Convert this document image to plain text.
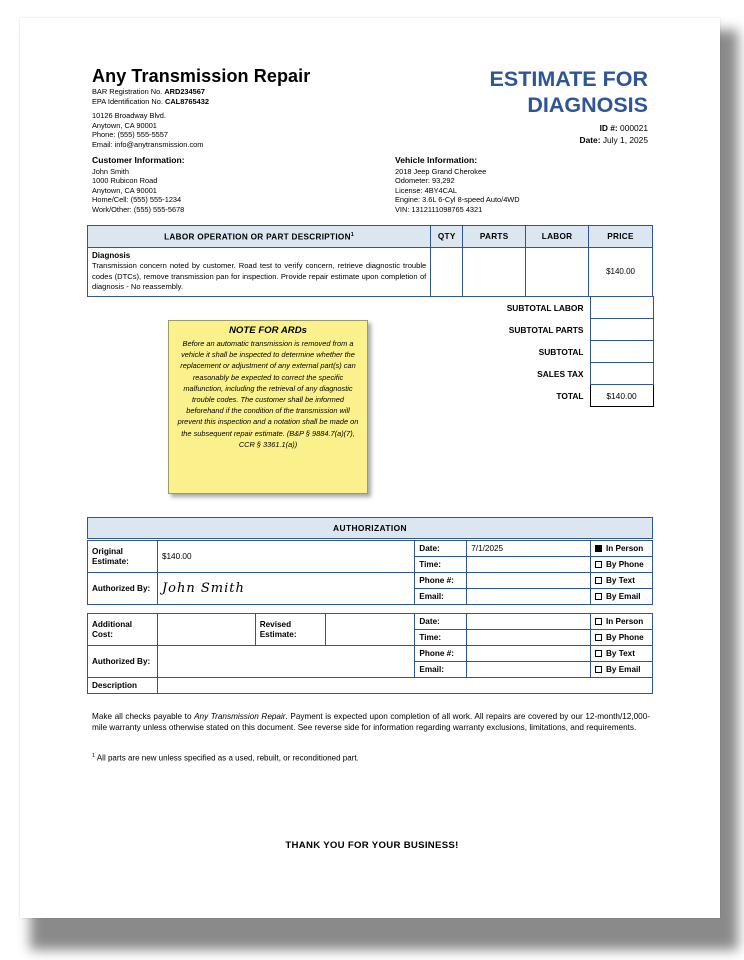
Any Transmission Repair
BAR Registration No. ARD234567
EPA Identification No. CAL8765432
10126 Broadway Blvd.
Anytown, CA 90001
Phone: (555) 555-5557
Email: info@anytransmission.com
ESTIMATE FOR
DIAGNOSIS
ID #: 000021
Date: July 1, 2025
Customer Information:
John Smith
1000 Rubicon Road
Anytown, CA 90001
Home/Cell: (555) 555-1234
Work/Other: (555) 555-5678
Vehicle Information:
2018 Jeep Grand Cherokee
Odometer: 93,292
License: 4BY4CAL
Engine: 3.6L 6-Cyl 8-speed Auto/4WD
VIN: 1312111098765 4321
LABOR OPERATION OR PART DESCRIPTION$^1$	QTY	PARTS	LABOR	PRICE
Diagnosis
Transmission concern noted by customer. Road test to verify concern, retrieve diagnostic trouble codes (DTCs), remove transmission pan for inspection. Provide repair estimate upon completion of diagnosis - No reassembly.				$140.00
SUBTOTAL LABOR	
SUBTOTAL PARTS	
SUBTOTAL	
SALES TAX	
TOTAL	$140.00
NOTE FOR ARDs
Before an automatic transmission is removed from a vehicle it shall be inspected to determine whether the replacement or adjustment of any external part(s) can reasonably be expected to correct the specific malfunction, including the retrieval of any diagnostic trouble codes. The customer shall be informed beforehand if the condition of the transmission will prevent this inspection and a notation shall be made on the subsequent repair estimate. (B&P § 9884.7(a)(7), CCR § 3361.1(a))
AUTHORIZATION
Original Estimate:	$140.00	Date:	7/1/2025	In Person
		Time:		By Phone
Authorized By:	John Smith	Phone #:		By Text
		Email:		By Email
Additional Cost:		Revised Estimate:		Date:		In Person
				Time:		By Phone
Authorized By:				Phone #:		By Text
				Email:		By Email
Description						
Make all checks payable to Any Transmission Repair. Payment is expected upon completion of all work. All repairs are covered by our 12-month/12,000-mile warranty unless otherwise stated on this document. See reverse side for information regarding warranty exclusions, limitations, and requirements.
$^1$ All parts are new unless specified as a used, rebuilt, or reconditioned part.
THANK YOU FOR YOUR BUSINESS!
